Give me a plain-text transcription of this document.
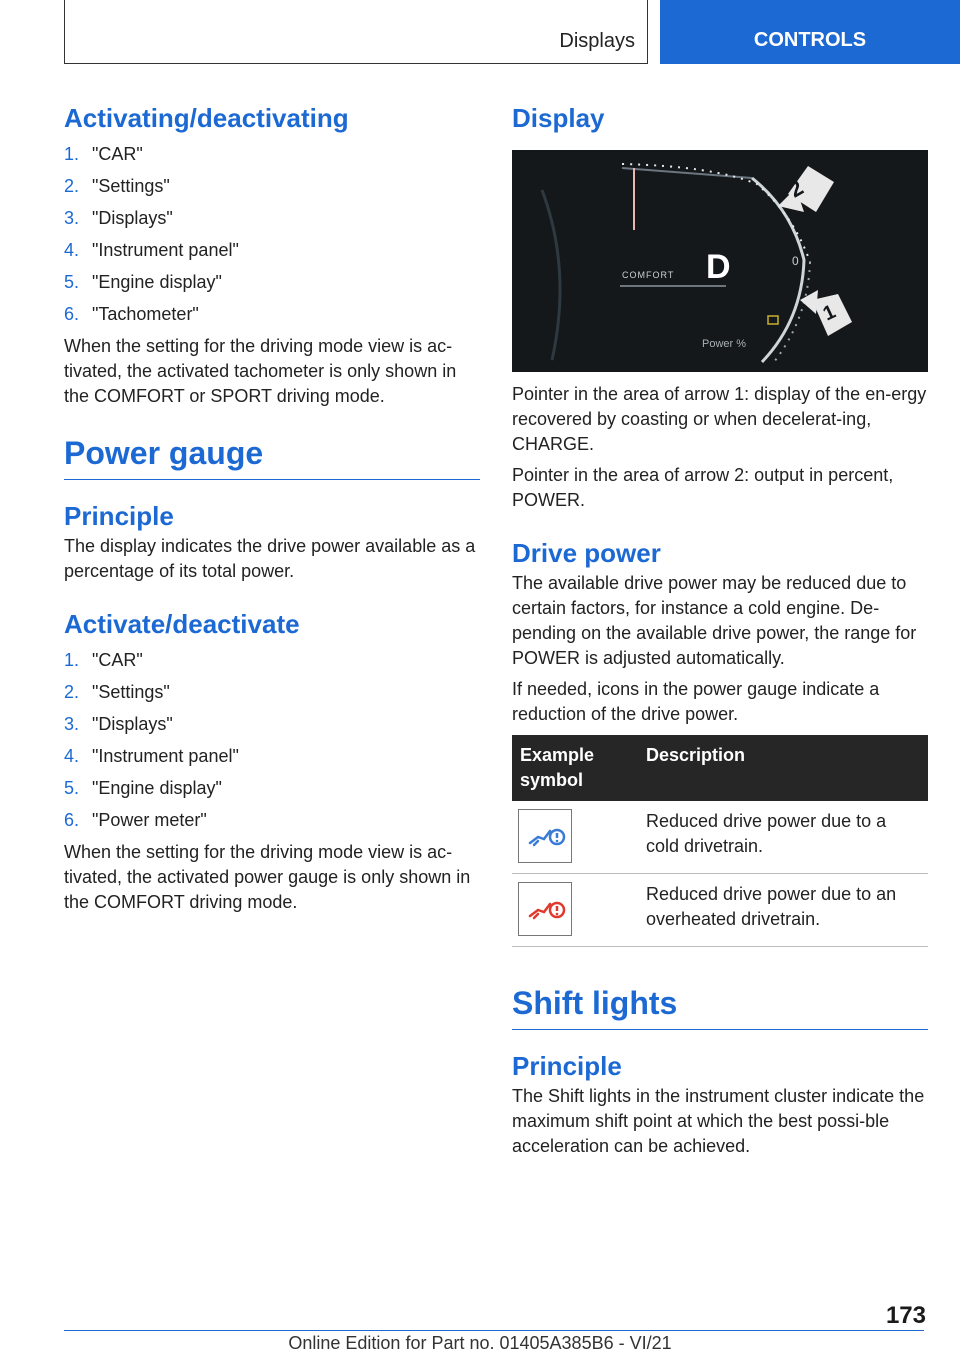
Displays	CONTROLS
Activating/deactivating
1. "CAR"
2. "Settings"
3. "Displays"
4. "Instrument panel"
5. "Engine display"
6. "Tachometer"

When the setting for the driving mode view is ac‐tivated, the activated tachometer is only shown in the COMFORT or SPORT driving mode.

Power gauge
Principle

The display indicates the drive power available as a percentage of its total power.

Activate/deactivate
1. "CAR"
2. "Settings"
3. "Displays"
4. "Instrument panel"
5. "Engine display"
6. "Power meter"

When the setting for the driving mode view is ac‐tivated, the activated power gauge is only shown in the COMFORT driving mode.

Display
D
COMFORT
Power %
0
2
1

Pointer in the area of arrow 1: display of the en‐ergy recovered by coasting or when decelerat‐ing, CHARGE.

Pointer in the area of arrow 2: output in percent, POWER.

Drive power

The available drive power may be reduced due to certain factors, for instance a cold engine. De‐pending on the available drive power, the range for POWER is adjusted automatically.

If needed, icons in the power gauge indicate a reduction of the drive power.

Example symbol	Description

	Reduced drive power due to a cold drivetrain.

	Reduced drive power due to an overheated drivetrain.
Shift lights
Principle

The Shift lights in the instrument cluster indicate the maximum shift point at which the best possi‐ble acceleration can be achieved.

173
Online Edition for Part no. 01405A385B6 - VI/21
